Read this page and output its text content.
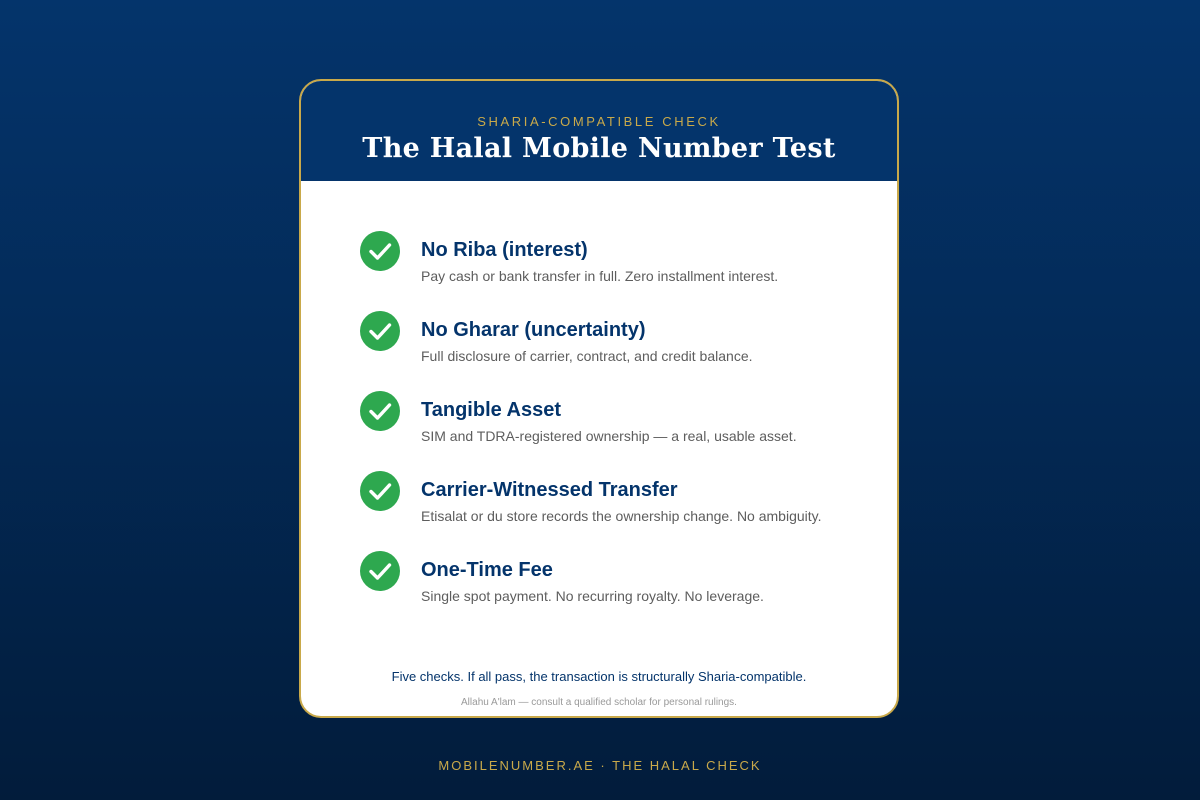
SHARIA-COMPATIBLE CHECK
The Halal Mobile Number Test
No Riba (interest)
Pay cash or bank transfer in full. Zero installment interest.
No Gharar (uncertainty)
Full disclosure of carrier, contract, and credit balance.
Tangible Asset
SIM and TDRA-registered ownership — a real, usable asset.
Carrier-Witnessed Transfer
Etisalat or du store records the ownership change. No ambiguity.
One-Time Fee
Single spot payment. No recurring royalty. No leverage.
Five checks. If all pass, the transaction is structurally Sharia-compatible.
Allahu A'lam — consult a qualified scholar for personal rulings.
MOBILENUMBER.AE · THE HALAL CHECK
